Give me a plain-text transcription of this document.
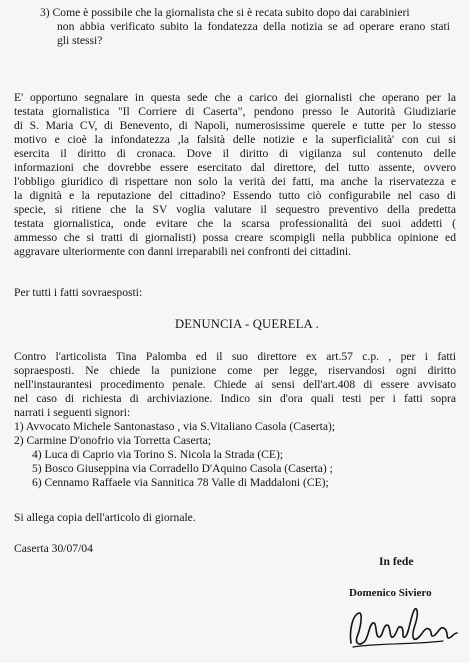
3) Come è possibile che la giornalista che si è recata subito dopo dai carabinieri
non abbia verificato subito la fondatezza della notizia se ad operare erano stati
gli stessi?
E' opportuno segnalare in questa sede che a carico dei giornalisti che operano per la
testata giornalistica "Il Corriere di Caserta", pendono presso le Autorità Giudiziarie
di S. Maria CV, di Benevento, di Napoli, numerosissime querele e tutte per lo stesso
motivo e cioè la infondatezza ,la falsità delle notizie e la superficialità' con cui si
esercita il diritto di cronaca. Dove il diritto di vigilanza sul contenuto delle
informazioni che dovrebbe essere esercitato dal direttore, del tutto assente, ovvero
l'obbligo giuridico di rispettare non solo la verità dei fatti, ma anche la riservatezza e
la dignità e la reputazione del cittadino? Essendo tutto ciò configurabile nel caso di
specie, si ritiene che la SV voglia valutare il sequestro preventivo della predetta
testata giornalistica, onde evitare che la scarsa professionalità dei suoi addetti (
ammesso che si tratti di giornalisti) possa creare scompigli nella pubblica opinione ed
aggravare ulteriormente con danni irreparabili nei confronti dei cittadini.
Per tutti i fatti sovraesposti:
DENUNCIA - QUERELA .
Contro l'articolista Tina Palomba ed il suo direttore ex art.57 c.p. , per i fatti
sopraesposti. Ne chiede la punizione come per legge, riservandosi ogni diritto
nell'instaurantesi procedimento penale. Chiede ai sensi dell'art.408 di essere avvisato
nel caso di richiesta di archiviazione. Indico sin d'ora quali testi per i fatti sopra
narrati i seguenti signori:
1) Avvocato Michele Santonastaso , via S.Vitaliano Casola (Caserta);
2) Carmine D'onofrio via Torretta Caserta;
4) Luca di Caprio via Torino S. Nicola la Strada (CE);
5) Bosco Giuseppina via Corradello D'Aquino Casola (Caserta) ;
6) Cennamo Raffaele via Sannitica 78 Valle di Maddaloni (CE);
Si allega copia dell'articolo di giornale.
Caserta 30/07/04
In fede
Domenico Siviero
